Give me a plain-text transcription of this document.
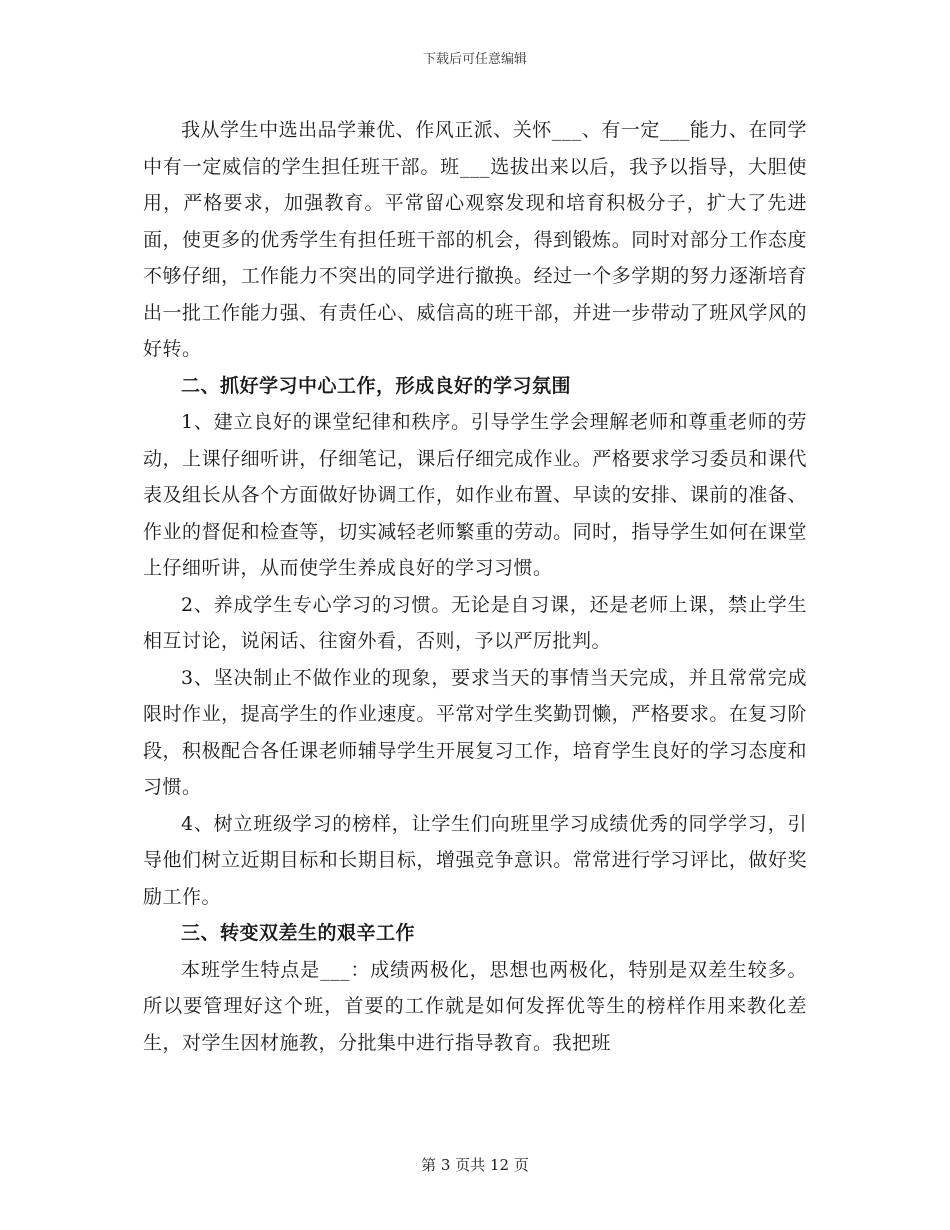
下载后可任意编辑

我从学生中选出品学兼优、作风正派、关怀___、有一定___能力、在同学中有一定威信的学生担任班干部。班___选拔出来以后，我予以指导，大胆使用，严格要求，加强教育。平常留心观察发现和培育积极分子，扩大了先进面，使更多的优秀学生有担任班干部的机会，得到锻炼。同时对部分工作态度不够仔细，工作能力不突出的同学进行撤换。经过一个多学期的努力逐渐培育出一批工作能力强、有责任心、威信高的班干部，并进一步带动了班风学风的好转。

二、抓好学习中心工作，形成良好的学习氛围

1、建立良好的课堂纪律和秩序。引导学生学会理解老师和尊重老师的劳动，上课仔细听讲，仔细笔记，课后仔细完成作业。严格要求学习委员和课代表及组长从各个方面做好协调工作，如作业布置、早读的安排、课前的准备、作业的督促和检查等，切实减轻老师繁重的劳动。同时，指导学生如何在课堂上仔细听讲，从而使学生养成良好的学习习惯。

2、养成学生专心学习的习惯。无论是自习课，还是老师上课，禁止学生相互讨论，说闲话、往窗外看，否则，予以严厉批判。

3、坚决制止不做作业的现象，要求当天的事情当天完成，并且常常完成限时作业，提高学生的作业速度。平常对学生奖勤罚懒，严格要求。在复习阶段，积极配合各任课老师辅导学生开展复习工作，培育学生良好的学习态度和习惯。

4、树立班级学习的榜样，让学生们向班里学习成绩优秀的同学学习，引导他们树立近期目标和长期目标，增强竞争意识。常常进行学习评比，做好奖励工作。

三、转变双差生的艰辛工作

本班学生特点是___：成绩两极化，思想也两极化，特别是双差生较多。所以要管理好这个班，首要的工作就是如何发挥优等生的榜样作用来教化差生，对学生因材施教，分批集中进行指导教育。我把班

第 3 页共 12 页
